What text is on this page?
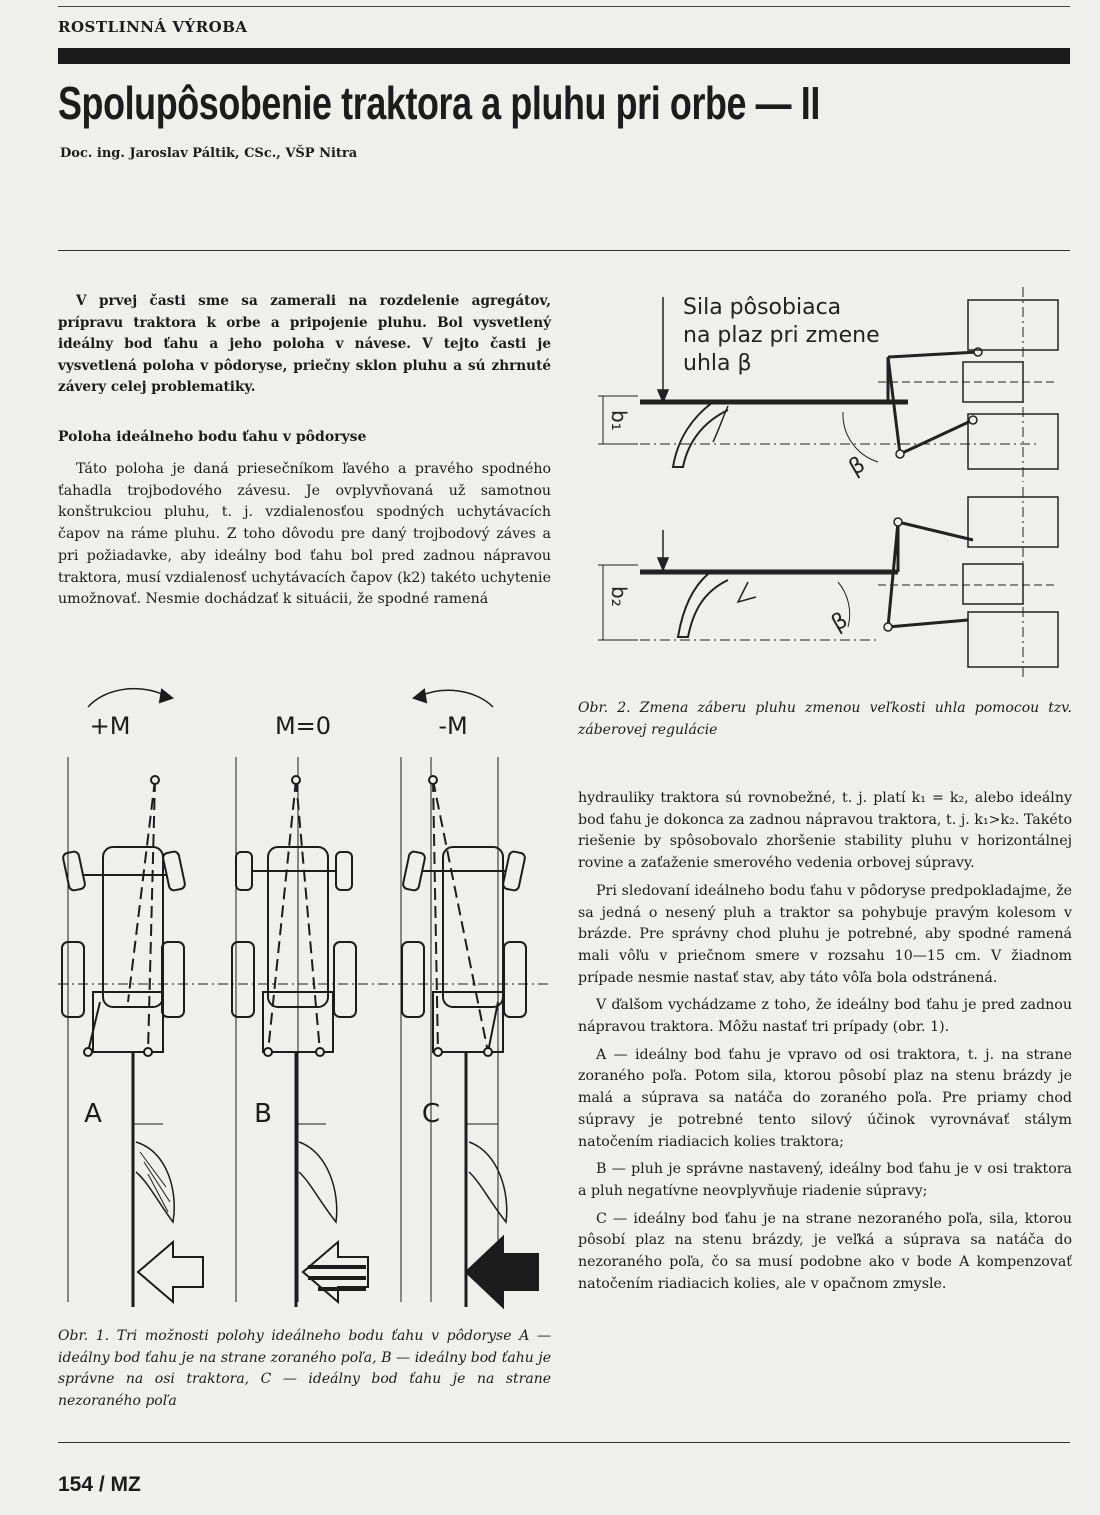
ROSTLINNÁ VÝROBA
Spolupôsobenie traktora a pluhu pri orbe — II
Doc. ing. Jaroslav Páltik, CSc., VŠP Nitra
V prvej časti sme sa zamerali na rozdelenie agregátov, prípravu traktora k orbe a pripojenie pluhu. Bol vysvetlený ideálny bod ťahu a jeho poloha v návese. V tejto časti je vysvetlená poloha v pôdoryse, priečny sklon pluhu a sú zhrnuté závery celej problematiky.
Poloha ideálneho bodu ťahu v pôdoryse

Táto poloha je daná priesečníkom ľavého a pravého spodného ťahadla trojbodového závesu. Je ovplyvňovaná už samotnou konštrukciou pluhu, t. j. vzdialenosťou spodných uchytávacích čapov na ráme pluhu. Z toho dôvodu pre daný trojbodový záves a pri požiadavke, aby ideálny bod ťahu bol pred zadnou nápravou traktora, musí vzdialenosť uchytávacích čapov (k2) takéto uchytenie umožnovať. Nesmie dochádzať k situácii, že spodné ramená

Sila pôsobiaca
na plaz pri zmene
uhla β
b₁
b₂
β
β
Obr. 2. Zmena záberu pluhu zmenou veľkosti uhla pomocou tzv. záberovej regulácie
+M	M=0	-M
A	B	C
Obr. 1. Tri možnosti polohy ideálneho bodu ťahu v pôdoryse A — ideálny bod ťahu je na strane zoraného poľa, B — ideálny bod ťahu je správne na osi traktora, C — ideálny bod ťahu je na strane nezoraného poľa

hydrauliky traktora sú rovnobežné, t. j. platí k₁ = k₂, alebo ideálny bod ťahu je dokonca za zadnou nápravou traktora, t. j. k₁>k₂. Takéto riešenie by spôsobovalo zhoršenie stability pluhu v horizontálnej rovine a zaťaženie smerového vedenia orbovej súpravy.

Pri sledovaní ideálneho bodu ťahu v pôdoryse predpokladajme, že sa jedná o nesený pluh a traktor sa pohybuje pravým kolesom v brázde. Pre správny chod pluhu je potrebné, aby spodné ramená mali vôľu v priečnom smere v rozsahu 10—15 cm. V žiadnom prípade nesmie nastať stav, aby táto vôľa bola odstránená.

V ďalšom vychádzame z toho, že ideálny bod ťahu je pred zadnou nápravou traktora. Môžu nastať tri prípady (obr. 1).

A — ideálny bod ťahu je vpravo od osi traktora, t. j. na strane zoraného poľa. Potom sila, ktorou pôsobí plaz na stenu brázdy je malá a súprava sa natáča do zoraného poľa. Pre priamy chod súpravy je potrebné tento silový účinok vyrovnávať stálym natočením riadiacich kolies traktora;

B — pluh je správne nastavený, ideálny bod ťahu je v osi traktora a pluh negatívne neovplyvňuje riadenie súpravy;

C — ideálny bod ťahu je na strane nezoraného poľa, sila, ktorou pôsobí plaz na stenu brázdy, je veľká a súprava sa natáča do nezoraného poľa, čo sa musí podobne ako v bode A kompenzovať natočením riadiacich kolies, ale v opačnom zmysle.

154 / MZ
